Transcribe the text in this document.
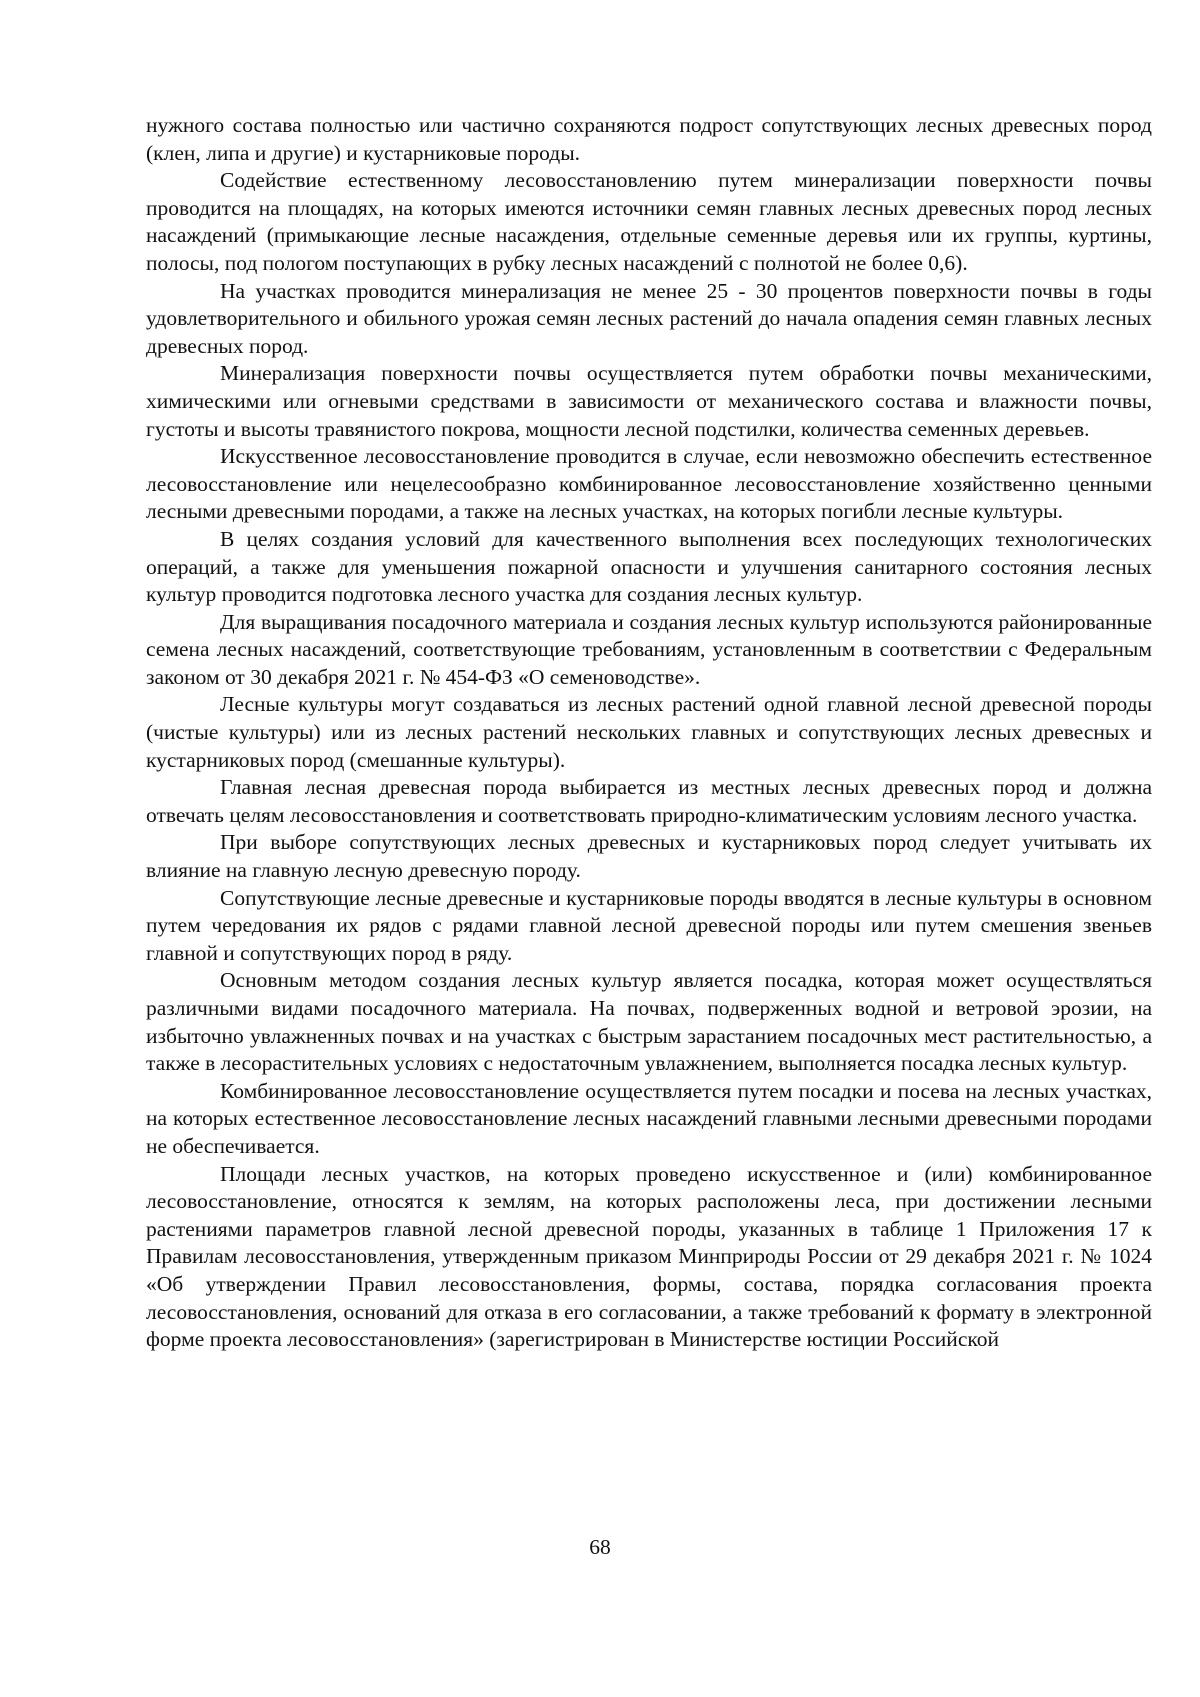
нужного состава полностью или частично сохраняются подрост сопутствующих лесных древесных пород (клен, липа и другие) и кустарниковые породы.

Содействие естественному лесовосстановлению путем минерализации поверхности почвы проводится на площадях, на которых имеются источники семян главных лесных древесных пород лесных насаждений (примыкающие лесные насаждения, отдельные семенные деревья или их группы, куртины, полосы, под пологом поступающих в рубку лесных насаждений с полнотой не более 0,6).

На участках проводится минерализация не менее 25 - 30 процентов поверхности почвы в годы удовлетворительного и обильного урожая семян лесных растений до начала опадения семян главных лесных древесных пород.

Минерализация поверхности почвы осуществляется путем обработки почвы механическими, химическими или огневыми средствами в зависимости от механического состава и влажности почвы, густоты и высоты травянистого покрова, мощности лесной подстилки, количества семенных деревьев.

Искусственное лесовосстановление проводится в случае, если невозможно обеспечить естественное лесовосстановление или нецелесообразно комбинированное лесовосстановление хозяйственно ценными лесными древесными породами, а также на лесных участках, на которых погибли лесные культуры.

В целях создания условий для качественного выполнения всех последующих технологических операций, а также для уменьшения пожарной опасности и улучшения санитарного состояния лесных культур проводится подготовка лесного участка для создания лесных культур.

Для выращивания посадочного материала и создания лесных культур используются районированные семена лесных насаждений, соответствующие требованиям, установленным в соответствии с Федеральным законом от 30 декабря 2021 г. № 454-ФЗ «О семеноводстве».

Лесные культуры могут создаваться из лесных растений одной главной лесной древесной породы (чистые культуры) или из лесных растений нескольких главных и сопутствующих лесных древесных и кустарниковых пород (смешанные культуры).

Главная лесная древесная порода выбирается из местных лесных древесных пород и должна отвечать целям лесовосстановления и соответствовать природно-климатическим условиям лесного участка.

При выборе сопутствующих лесных древесных и кустарниковых пород следует учитывать их влияние на главную лесную древесную породу.

Сопутствующие лесные древесные и кустарниковые породы вводятся в лесные культуры в основном путем чередования их рядов с рядами главной лесной древесной породы или путем смешения звеньев главной и сопутствующих пород в ряду.

Основным методом создания лесных культур является посадка, которая может осуществляться различными видами посадочного материала. На почвах, подверженных водной и ветровой эрозии, на избыточно увлажненных почвах и на участках с быстрым зарастанием посадочных мест растительностью, а также в лесорастительных условиях с недостаточным увлажнением, выполняется посадка лесных культур.

Комбинированное лесовосстановление осуществляется путем посадки и посева на лесных участках, на которых естественное лесовосстановление лесных насаждений главными лесными древесными породами не обеспечивается.

Площади лесных участков, на которых проведено искусственное и (или) комбинированное лесовосстановление, относятся к землям, на которых расположены леса, при достижении лесными растениями параметров главной лесной древесной породы, указанных в таблице 1 Приложения 17 к Правилам лесовосстановления, утвержденным приказом Минприроды России от 29 декабря 2021 г. № 1024 «Об утверждении Правил лесовосстановления, формы, состава, порядка согласования проекта лесовосстановления, оснований для отказа в его согласовании, а также требований к формату в электронной форме проекта лесовосстановления» (зарегистрирован в Министерстве юстиции Российской

68
